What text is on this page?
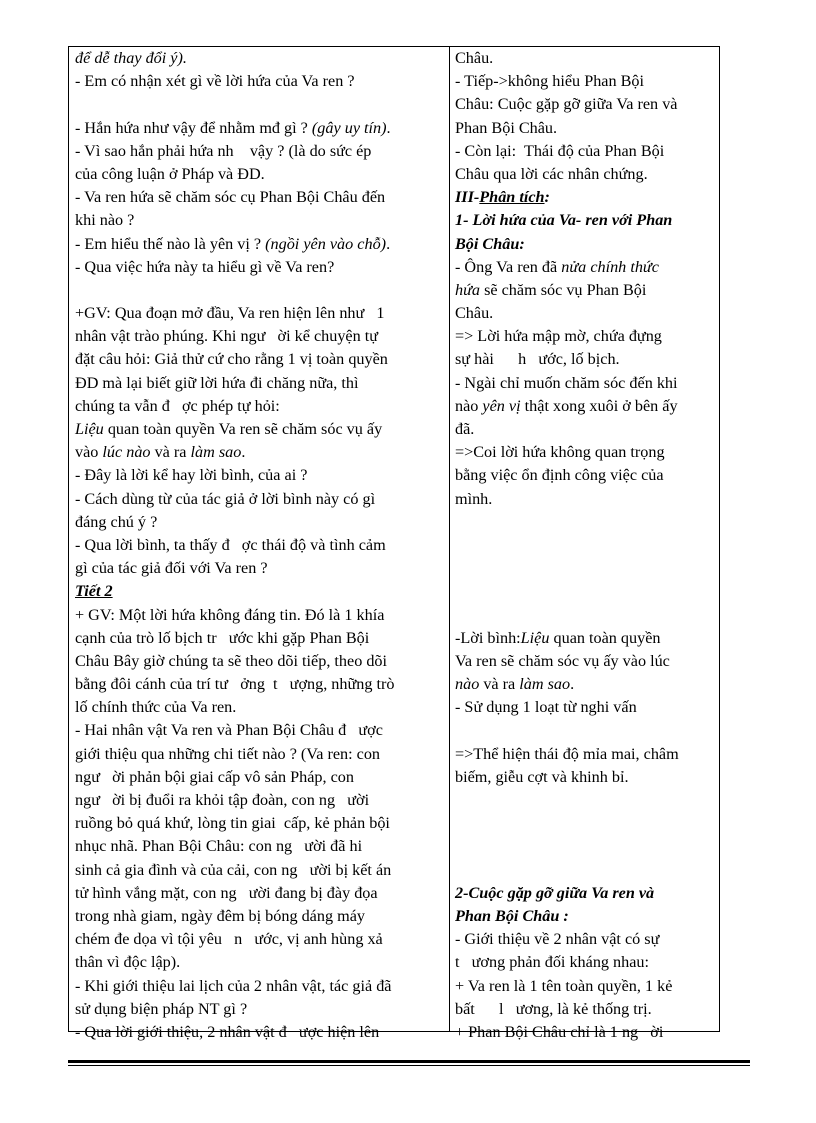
để dễ thay đổi ý).
- Em có nhận xét gì về lời hứa của Va ren ?
- Hắn hứa như vậy để nhằm mđ gì ? (gây uy tín).
- Vì sao hắn phải hứa nh    vậy ? (là do sức ép
của công luận ở Pháp và ĐD.
- Va ren hứa sẽ chăm sóc cụ Phan Bội Châu đến
khi nào ?
- Em hiểu thế nào là yên vị ? (ngồi yên vào chỗ).
- Qua việc hứa này ta hiểu gì về Va ren?
+GV: Qua đoạn mở đầu, Va ren hiện lên như   1
nhân vật trào phúng. Khi ngư   ời kể chuyện tự
đặt câu hỏi: Giả thử cứ cho rằng 1 vị toàn quyền
ĐD mà lại biết giữ lời hứa đi chăng nữa, thì
chúng ta vẫn đ   ợc phép tự hỏi:
Liệu quan toàn quyền Va ren sẽ chăm sóc vụ ấy
vào lúc nào và ra làm sao.
- Đây là lời kể hay lời bình, của ai ?
- Cách dùng từ của tác giả ở lời bình này có gì
đáng chú ý ?
- Qua lời bình, ta thấy đ   ợc thái độ và tình cảm
gì của tác giả đối với Va ren ?
Tiết 2
+ GV: Một lời hứa không đáng tin. Đó là 1 khía
cạnh của trò lố bịch tr   ước khi gặp Phan Bội
Châu Bây giờ chúng ta sẽ theo dõi tiếp, theo dõi
bằng đôi cánh của trí tư   ởng  t   ượng, những trò
lố chính thức của Va ren.
- Hai nhân vật Va ren và Phan Bội Châu đ   ược
giới thiệu qua những chi tiết nào ? (Va ren: con
ngư   ời phản bội giai cấp vô sản Pháp, con
ngư   ời bị đuổi ra khỏi tập đoàn, con ng   ười
ruồng bỏ quá khứ, lòng tin giai  cấp, kẻ phản bội
nhục nhã. Phan Bội Châu: con ng   ười đã hi
sinh cả gia đình và của cải, con ng   ười bị kết án
tử hình vắng mặt, con ng   ười đang bị đày đọa
trong nhà giam, ngày đêm bị bóng dáng máy
chém đe dọa vì tội yêu   n   ước, vị anh hùng xả
thân vì độc lập).
- Khi giới thiệu lai lịch của 2 nhân vật, tác giả đã
sử dụng biện pháp NT gì ?
- Qua lời giới thiệu, 2 nhân vật đ   ược hiện lên
Châu.
- Tiếp->không hiểu Phan Bội
Châu: Cuộc gặp gỡ giữa Va ren và
Phan Bội Châu.
- Còn lại:  Thái độ của Phan Bội
Châu qua lời các nhân chứng.
III-Phân tích:
1- Lời hứa của Va- ren với Phan
Bội Châu:
- Ông Va ren đã nửa chính thức
hứa sẽ chăm sóc vụ Phan Bội
Châu.
=> Lời hứa mập mờ, chứa đựng
sự hài      h   ước, lố bịch.
- Ngài chỉ muốn chăm sóc đến khi
nào yên vị thật xong xuôi ở bên ấy
đã.
=>Coi lời hứa không quan trọng
bằng việc ổn định công việc của
mình.
-Lời bình:Liệu quan toàn quyền
Va ren sẽ chăm sóc vụ ấy vào lúc
nào và ra làm sao.
- Sử dụng 1 loạt từ nghi vấn
=>Thể hiện thái độ mỉa mai, châm
biếm, giễu cợt và khinh bỉ.
2-Cuộc gặp gỡ giữa Va ren và
Phan Bội Châu :
- Giới thiệu về 2 nhân vật có sự
t   ương phản đối kháng nhau:
+ Va ren là 1 tên toàn quyền, 1 kẻ
bất      l   ương, là kẻ thống trị.
+ Phan Bội Châu chỉ là 1 ng   ời
